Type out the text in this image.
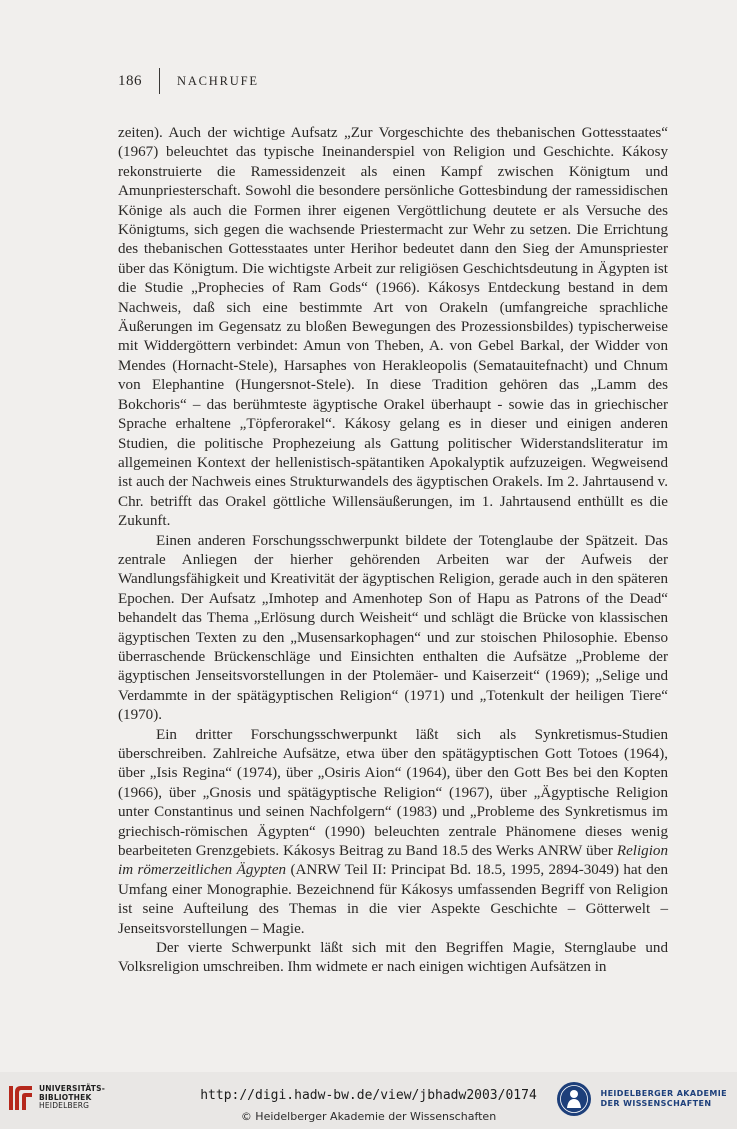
186	NACHRUFE

zeiten). Auch der wichtige Aufsatz „Zur Vorgeschichte des thebanischen Gottesstaates“ (1967) beleuchtet das typische Ineinanderspiel von Religion und Geschichte. Kákosy rekonstruierte die Ramessidenzeit als einen Kampf zwischen Königtum und Amunpriesterschaft. Sowohl die besondere persönliche Gottesbindung der ramessidischen Könige als auch die Formen ihrer eigenen Vergöttlichung deutete er als Versuche des Königtums, sich gegen die wachsende Priestermacht zur Wehr zu setzen. Die Errichtung des thebanischen Gottesstaates unter Herihor bedeutet dann den Sieg der Amunspriester über das Königtum. Die wichtigste Arbeit zur religiösen Geschichtsdeutung in Ägypten ist die Studie „Prophecies of Ram Gods“ (1966). Kákosys Entdeckung bestand in dem Nachweis, daß sich eine bestimmte Art von Orakeln (umfangreiche sprachliche Äußerungen im Gegensatz zu bloßen Bewegungen des Prozessionsbildes) typischerweise mit Widdergöttern verbindet: Amun von Theben, A. von Gebel Barkal, der Widder von Mendes (Hornacht-Stele), Harsaphes von Herakleopolis (Sematauitefnacht) und Chnum von Elephantine (Hungersnot-Stele). In diese Tradition gehören das „Lamm des Bokchoris“ – das berühmteste ägyptische Orakel überhaupt - sowie das in griechischer Sprache erhaltene „Töpferorakel“. Kákosy gelang es in dieser und einigen anderen Studien, die politische Prophezeiung als Gattung politischer Widerstandsliteratur im allgemeinen Kontext der hellenistisch-spätantiken Apokalyptik aufzuzeigen. Wegweisend ist auch der Nachweis eines Strukturwandels des ägyptischen Orakels. Im 2. Jahrtausend v. Chr. betrifft das Orakel göttliche Willensäußerungen, im 1. Jahrtausend enthüllt es die Zukunft.

Einen anderen Forschungsschwerpunkt bildete der Totenglaube der Spätzeit. Das zentrale Anliegen der hierher gehörenden Arbeiten war der Aufweis der Wandlungsfähigkeit und Kreativität der ägyptischen Religion, gerade auch in den späteren Epochen. Der Aufsatz „Imhotep and Amenhotep Son of Hapu as Patrons of the Dead“ behandelt das Thema „Erlösung durch Weisheit“ und schlägt die Brücke von klassischen ägyptischen Texten zu den „Musensarkophagen“ und zur stoischen Philosophie. Ebenso überraschende Brückenschläge und Einsichten enthalten die Aufsätze „Probleme der ägyptischen Jenseitsvorstellungen in der Ptolemäer- und Kaiserzeit“ (1969); „Selige und Verdammte in der spätägyptischen Religion“ (1971) und „Totenkult der heiligen Tiere“ (1970).

Ein dritter Forschungsschwerpunkt läßt sich als Synkretismus-Studien überschreiben. Zahlreiche Aufsätze, etwa über den spätägyptischen Gott Totoes (1964), über „Isis Regina“ (1974), über „Osiris Aion“ (1964), über den Gott Bes bei den Kopten (1966), über „Gnosis und spätägyptische Religion“ (1967), über „Ägyptische Religion unter Constantinus und seinen Nachfolgern“ (1983) und „Probleme des Synkretismus im griechisch-römischen Ägypten“ (1990) beleuchten zentrale Phänomene dieses wenig bearbeiteten Grenzgebiets. Kákosys Beitrag zu Band 18.5 des Werks ANRW über Religion im römerzeitlichen Ägypten (ANRW Teil II: Principat Bd. 18.5, 1995, 2894-3049) hat den Umfang einer Monographie. Bezeichnend für Kákosys umfassenden Begriff von Religion ist seine Aufteilung des Themas in die vier Aspekte Geschichte – Götterwelt – Jenseitsvorstellungen – Magie.

Der vierte Schwerpunkt läßt sich mit den Begriffen Magie, Sternglaube und Volksreligion umschreiben. Ihm widmete er nach einigen wichtigen Aufsätzen in

UNIVERSITÄTS-
BIBLIOTHEK
HEIDELBERG
http://digi.hadw-bw.de/view/jbhadw2003/0174
© Heidelberger Akademie der Wissenschaften
HEIDELBERGER AKADEMIE
DER WISSENSCHAFTEN
